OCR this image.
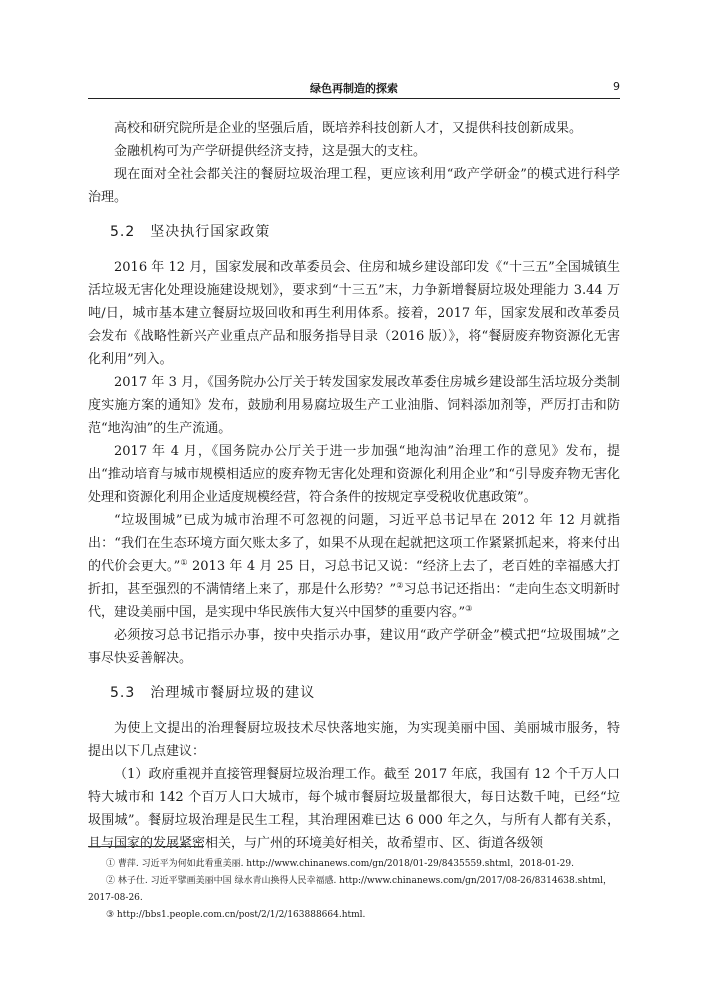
绿色再制造的探索	9

高校和研究院所是企业的坚强后盾，既培养科技创新人才，又提供科技创新成果。

金融机构可为产学研提供经济支持，这是强大的支柱。

现在面对全社会都关注的餐厨垃圾治理工程，更应该利用“政产学研金”的模式进行科学治理。

5.2　坚决执行国家政策

2016 年 12 月，国家发展和改革委员会、住房和城乡建设部印发《“十三五”全国城镇生活垃圾无害化处理设施建设规划》，要求到“十三五”末，力争新增餐厨垃圾处理能力 3.44 万吨/日，城市基本建立餐厨垃圾回收和再生利用体系。接着，2017 年，国家发展和改革委员会发布《战略性新兴产业重点产品和服务指导目录（2016 版）》，将“餐厨废弃物资源化无害化利用”列入。

2017 年 3 月，《国务院办公厅关于转发国家发展改革委住房城乡建设部生活垃圾分类制度实施方案的通知》发布，鼓励利用易腐垃圾生产工业油脂、饲料添加剂等，严厉打击和防范“地沟油”的生产流通。

2017 年 4 月，《国务院办公厅关于进一步加强“地沟油”治理工作的意见》发布，提出“推动培育与城市规模相适应的废弃物无害化处理和资源化利用企业”和“引导废弃物无害化处理和资源化利用企业适度规模经营，符合条件的按规定享受税收优惠政策”。

“垃圾围城”已成为城市治理不可忽视的问题，习近平总书记早在 2012 年 12 月就指出：“我们在生态环境方面欠账太多了，如果不从现在起就把这项工作紧紧抓起来，将来付出的代价会更大。”① 2013 年 4 月 25 日，习总书记又说：“经济上去了，老百姓的幸福感大打折扣，甚至强烈的不满情绪上来了，那是什么形势？”②习总书记还指出：“走向生态文明新时代，建设美丽中国，是实现中华民族伟大复兴中国梦的重要内容。”③

必须按习总书记指示办事，按中央指示办事，建议用“政产学研金”模式把“垃圾围城”之事尽快妥善解决。

5.3　治理城市餐厨垃圾的建议

为使上文提出的治理餐厨垃圾技术尽快落地实施，为实现美丽中国、美丽城市服务，特提出以下几点建议：

（1）政府重视并直接管理餐厨垃圾治理工作。截至 2017 年底，我国有 12 个千万人口特大城市和 142 个百万人口大城市，每个城市餐厨垃圾量都很大，每日达数千吨，已经“垃圾围城”。餐厨垃圾治理是民生工程，其治理困难已达 6 000 年之久，与所有人都有关系，且与国家的发展紧密相关，与广州的环境美好相关，故希望市、区、街道各级领

① 曹萍. 习近平为何如此看重美丽. http://www.chinanews.com/gn/2018/01-29/8435559.shtml，2018-01-29.
② 林子仕. 习近平擘画美丽中国 绿水青山换得人民幸福感. http://www.chinanews.com/gn/2017/08-26/8314638.shtml，
2017-08-26.
③ http://bbs1.people.com.cn/post/2/1/2/163888664.html.
